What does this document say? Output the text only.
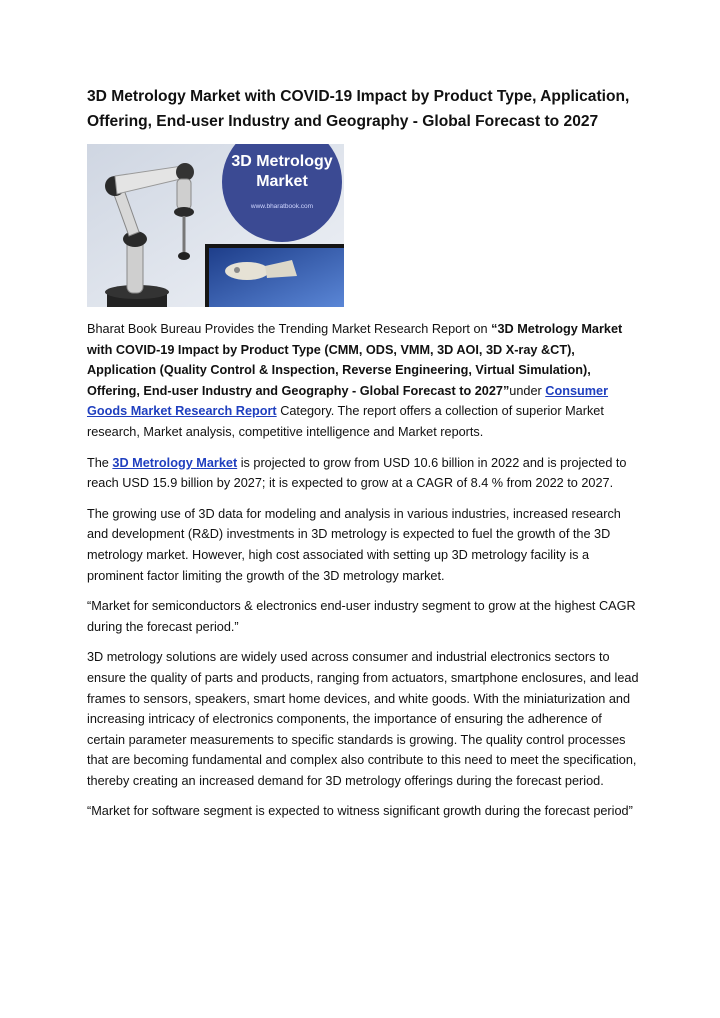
3D Metrology Market with COVID-19 Impact by Product Type, Application, Offering, End-user Industry and Geography - Global Forecast to 2027
3D Metrology
Market
www.bharatbook.com

Bharat Book Bureau Provides the Trending Market Research Report on “3D Metrology Market with COVID-19 Impact by Product Type (CMM, ODS, VMM, 3D AOI, 3D X-ray &CT), Application (Quality Control & Inspection, Reverse Engineering, Virtual Simulation), Offering, End-user Industry and Geography - Global Forecast to 2027”under Consumer Goods Market Research Report Category. The report offers a collection of superior Market research, Market analysis, competitive intelligence and Market reports.

The 3D Metrology Market is projected to grow from USD 10.6 billion in 2022 and is projected to reach USD 15.9 billion by 2027; it is expected to grow at a CAGR of 8.4 % from 2022 to 2027.

The growing use of 3D data for modeling and analysis in various industries, increased research and development (R&D) investments in 3D metrology is expected to fuel the growth of the 3D metrology market. However, high cost associated with setting up 3D metrology facility is a prominent factor limiting the growth of the 3D metrology market.

“Market for semiconductors & electronics end-user industry segment to grow at the highest CAGR during the forecast period.”

3D metrology solutions are widely used across consumer and industrial electronics sectors to ensure the quality of parts and products, ranging from actuators, smartphone enclosures, and lead frames to sensors, speakers, smart home devices, and white goods. With the miniaturization and increasing intricacy of electronics components, the importance of ensuring the adherence of certain parameter measurements to specific standards is growing. The quality control processes that are becoming fundamental and complex also contribute to this need to meet the specification, thereby creating an increased demand for 3D metrology offerings during the forecast period.

“Market for software segment is expected to witness significant growth during the forecast period”
